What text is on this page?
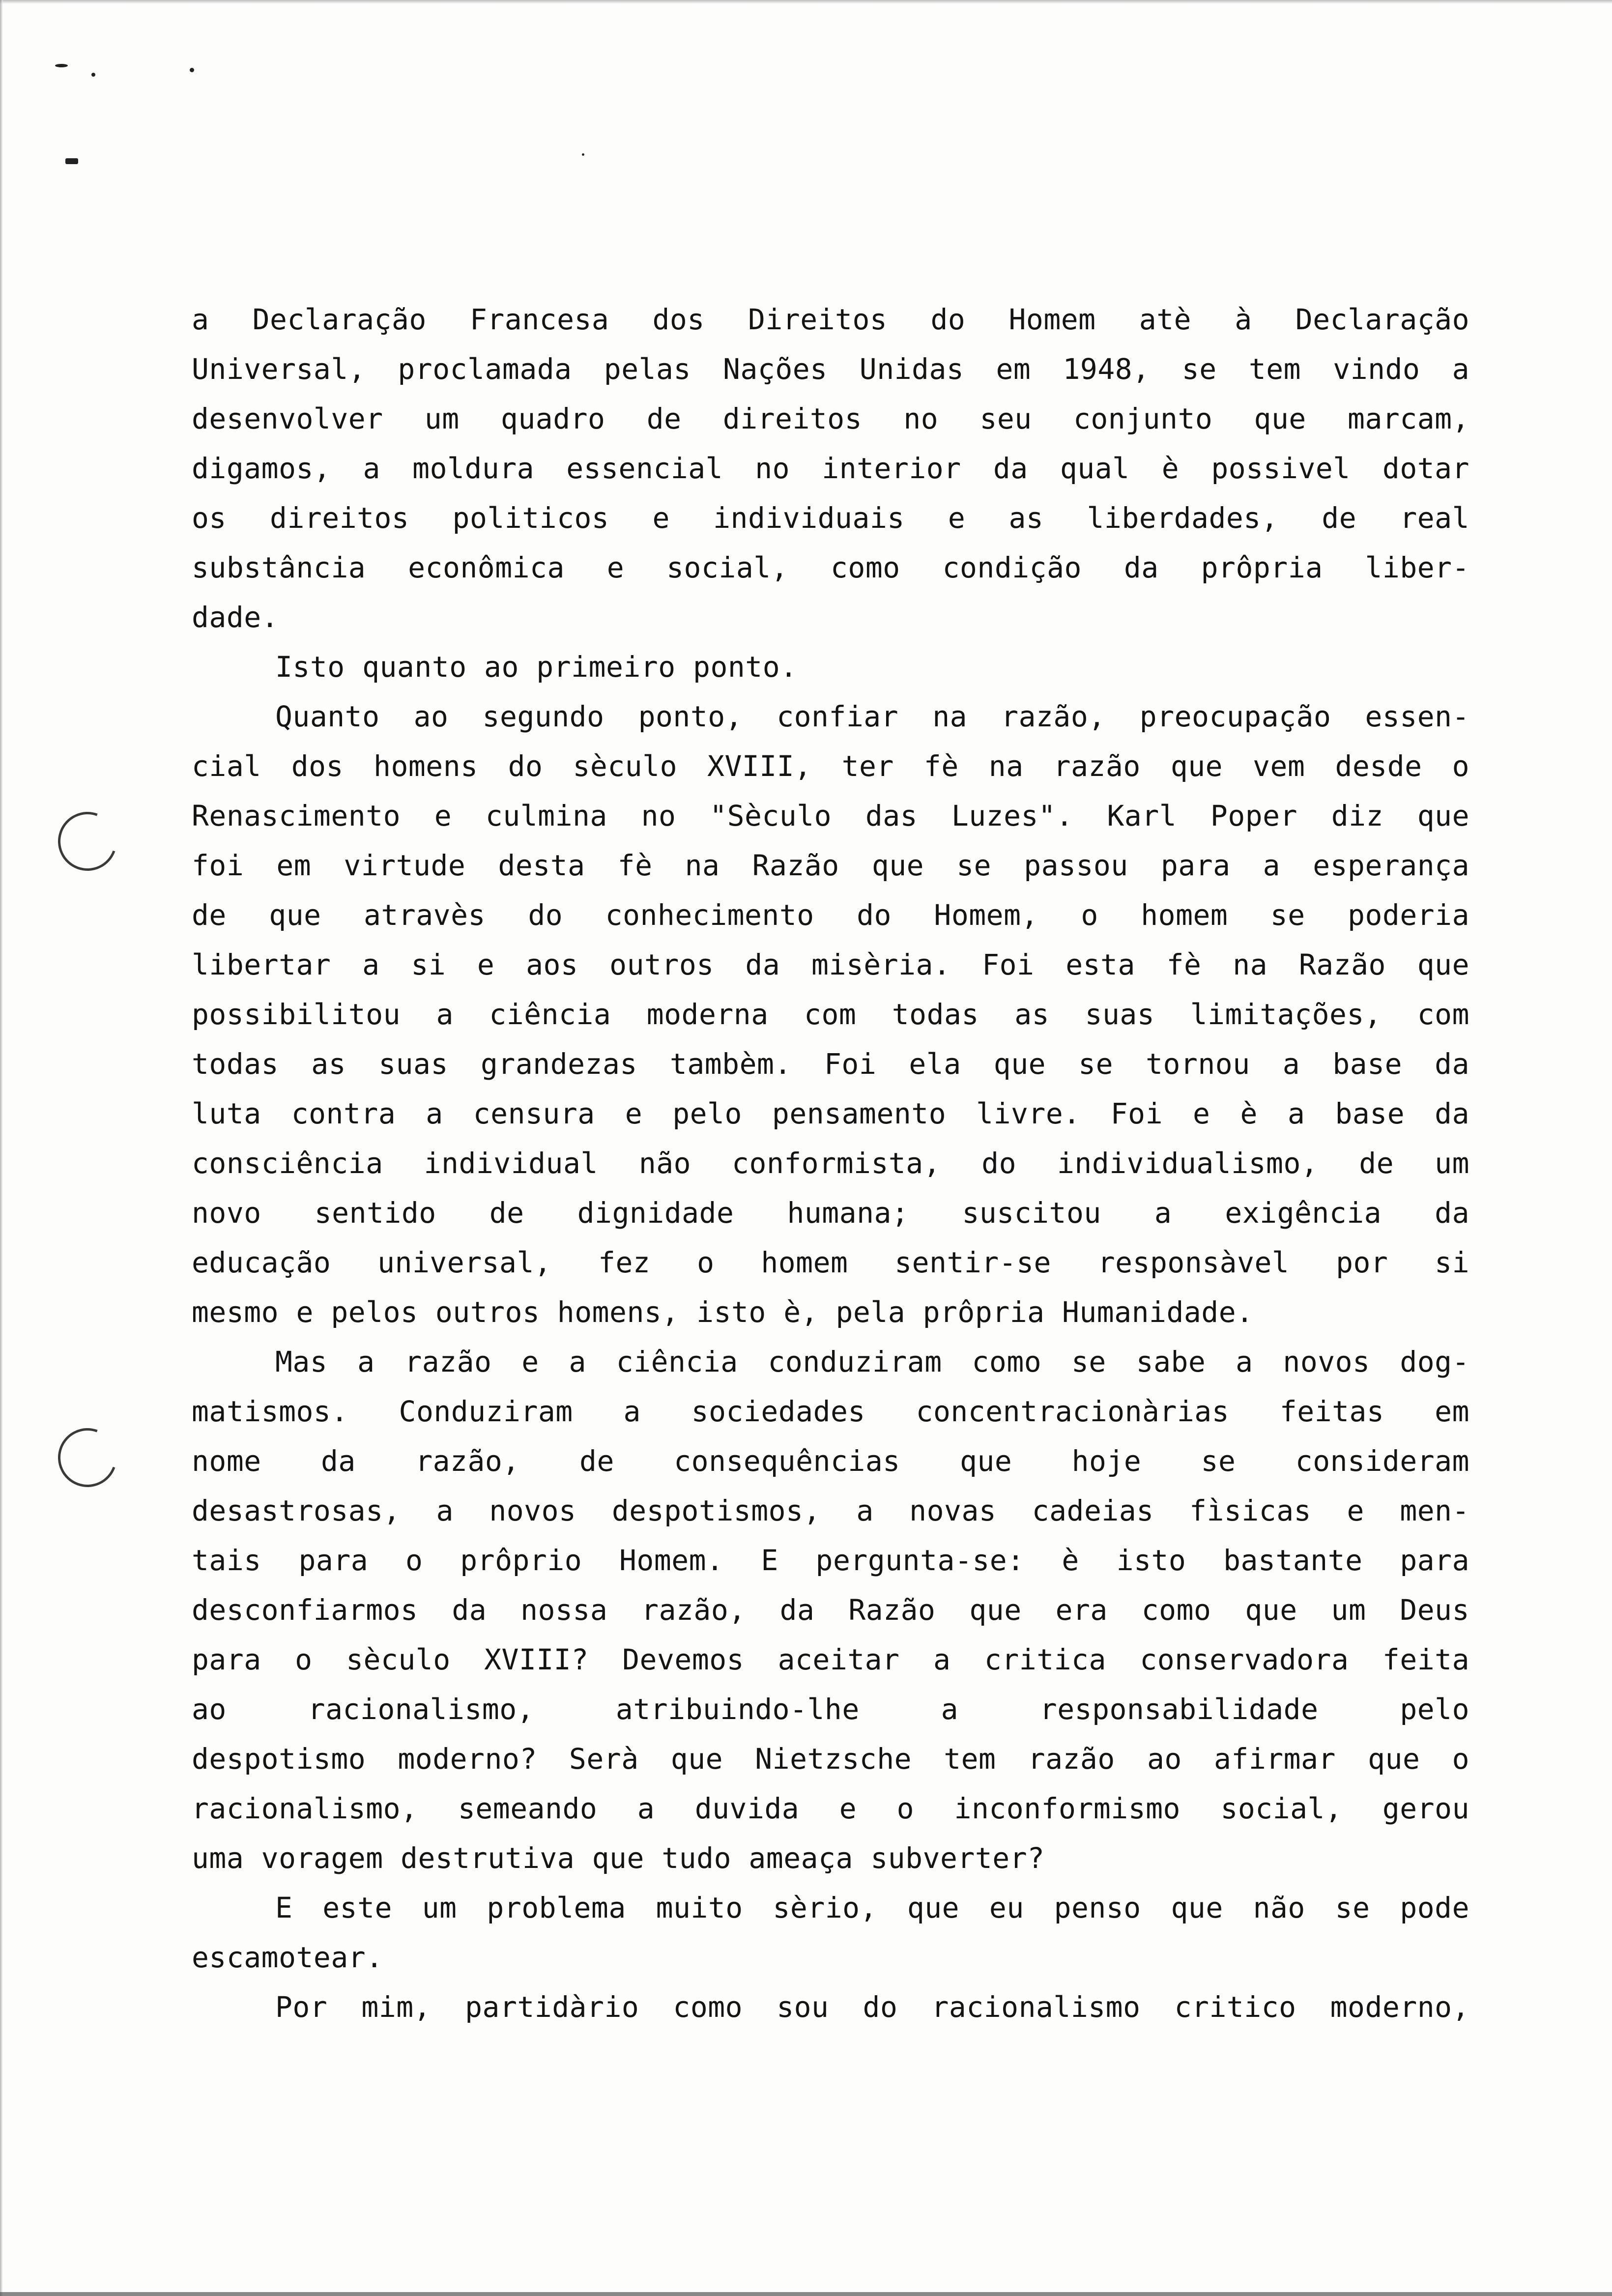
a Declaração Francesa dos Direitos do Homem atè à Declaração
Universal, proclamada pelas Nações Unidas em 1948, se tem vindo a
desenvolver um quadro de direitos no seu conjunto que marcam,
digamos, a moldura essencial no interior da qual è possivel dotar
os direitos politicos e individuais e as liberdades, de real
substância econômica e social, como condição da prôpria liber-
dade.
Isto quanto ao primeiro ponto.
Quanto ao segundo ponto, confiar na razão, preocupação essen-
cial dos homens do sèculo XVIII, ter fè na razão que vem desde o
Renascimento e culmina no "Sèculo das Luzes". Karl Poper diz que
foi em virtude desta fè na Razão que se passou para a esperança
de que atravès do conhecimento do Homem, o homem se poderia
libertar a si e aos outros da misèria. Foi esta fè na Razão que
possibilitou a ciência moderna com todas as suas limitações, com
todas as suas grandezas tambèm. Foi ela que se tornou a base da
luta contra a censura e pelo pensamento livre. Foi e è a base da
consciência individual não conformista, do individualismo, de um
novo sentido de dignidade humana; suscitou a exigência da
educação universal, fez o homem sentir-se responsàvel por si
mesmo e pelos outros homens, isto è, pela prôpria Humanidade.
Mas a razão e a ciência conduziram como se sabe a novos dog-
matismos. Conduziram a sociedades concentracionàrias feitas em
nome da razão, de consequências que hoje se consideram
desastrosas, a novos despotismos, a novas cadeias fìsicas e men-
tais para o prôprio Homem. E pergunta-se: è isto bastante para
desconfiarmos da nossa razão, da Razão que era como que um Deus
para o sèculo XVIII? Devemos aceitar a critica conservadora feita
ao racionalismo, atribuindo-lhe a responsabilidade pelo
despotismo moderno? Serà que Nietzsche tem razão ao afirmar que o
racionalismo, semeando a duvida e o inconformismo social, gerou
uma voragem destrutiva que tudo ameaça subverter?
E este um problema muito sèrio, que eu penso que não se pode
escamotear.
Por mim, partidàrio como sou do racionalismo critico moderno,
